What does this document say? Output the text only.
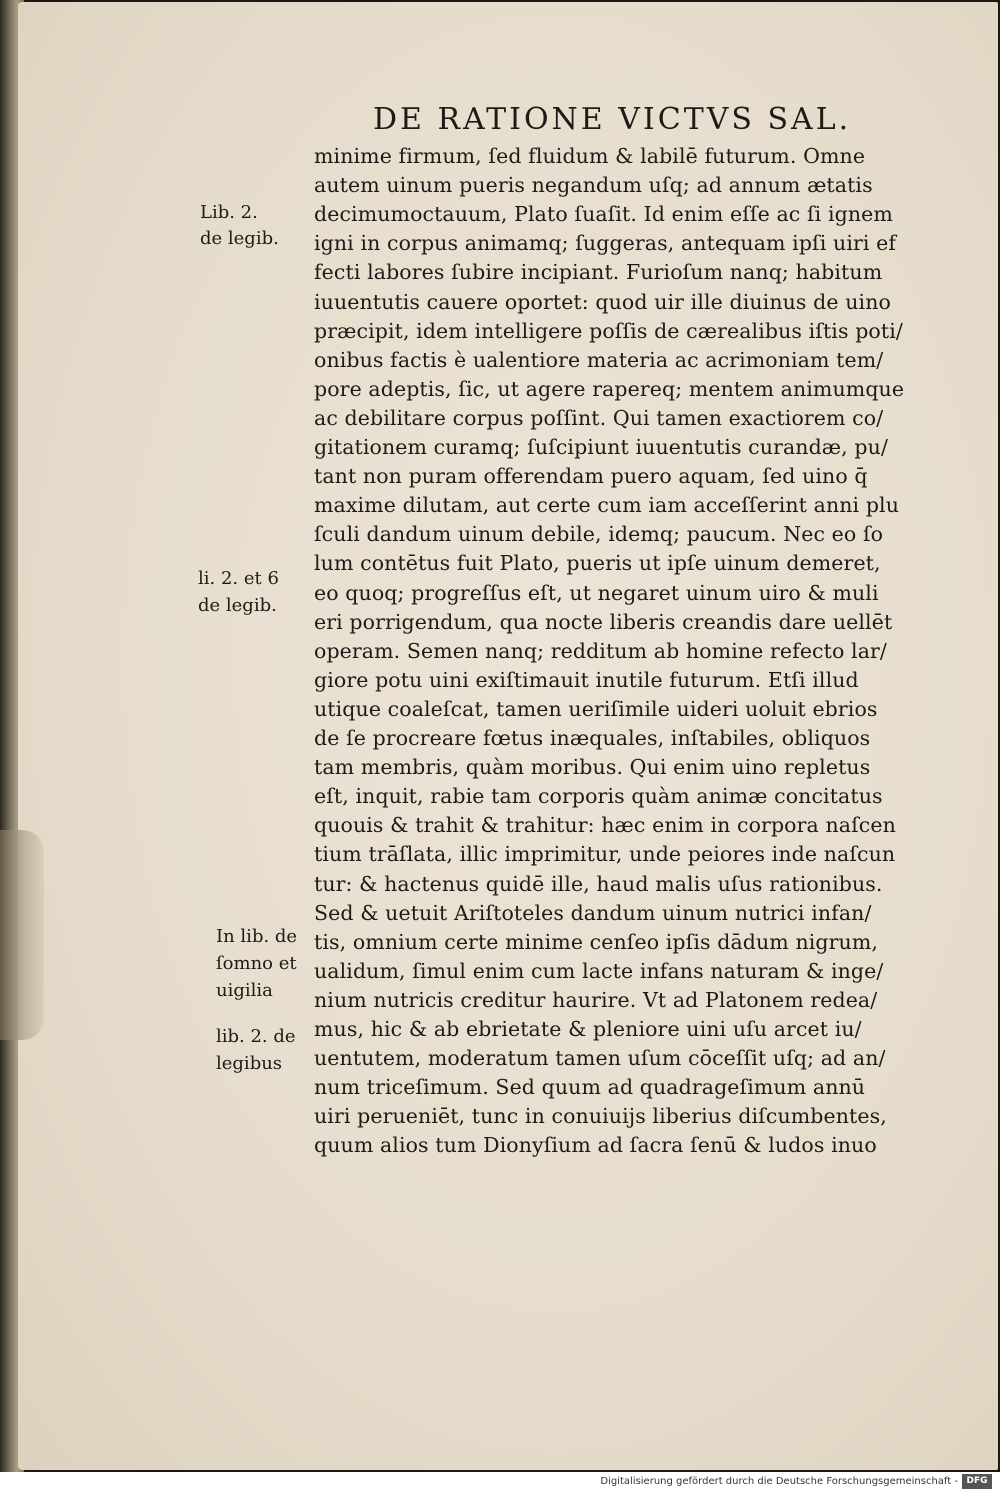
DE RATIONE VICTVS SAL.
minime firmum, ſed fluidum & labilē futurum. Omne
autem uinum pueris negandum uſq; ad annum ætatis
decimumoctauum, Plato ſuaſit. Id enim eſſe ac ſi ignem
igni in corpus animamq; ſuggeras, antequam ipſi uiri ef
fecti labores ſubire incipiant. Furioſum nanq; habitum
iuuentutis cauere oportet: quod uir ille diuinus de uino
præcipit, idem intelligere poſſis de cærealibus iſtis poti/
onibus factis è ualentiore materia ac acrimoniam tem/
pore adeptis, ſic, ut agere rapereq; mentem animumque
ac debilitare corpus poſſint. Qui tamen exactiorem co/
gitationem curamq; ſuſcipiunt iuuentutis curandæ, pu/
tant non puram offerendam puero aquam, ſed uino q̄
maxime dilutam, aut certe cum iam acceſſerint anni plu
ſculi dandum uinum debile, idemq; paucum. Nec eo ſo
lum contētus fuit Plato, pueris ut ipſe uinum demeret,
eo quoq; progreſſus eſt, ut negaret uinum uiro & muli
eri porrigendum, qua nocte liberis creandis dare uellēt
operam. Semen nanq; redditum ab homine refecto lar/
giore potu uini exiſtimauit inutile futurum. Etſi illud
utique coaleſcat, tamen ueriſimile uideri uoluit ebrios
de ſe procreare fœtus inæquales, inſtabiles, obliquos
tam membris, quàm moribus. Qui enim uino repletus
eſt, inquit, rabie tam corporis quàm animæ concitatus
quouis & trahit & trahitur: hæc enim in corpora naſcen
tium trāſlata, illic imprimitur, unde peiores inde naſcun
tur: & hactenus quidē ille, haud malis uſus rationibus.
Sed & uetuit Ariſtoteles dandum uinum nutrici infan/
tis, omnium certe minime cenſeo ipſis dādum nigrum,
ualidum, ſimul enim cum lacte infans naturam & inge/
nium nutricis creditur haurire. Vt ad Platonem redea/
mus, hic & ab ebrietate & pleniore uini uſu arcet iu/
uentutem, moderatum tamen uſum cōceſſit uſq; ad an/
num triceſimum. Sed quum ad quadrageſimum annū
uiri perueniēt, tunc in conuiuijs liberius diſcumbentes,
quum alios tum Dionyſium ad ſacra ſenū & ludos inuo
Lib. 2.
de legib.
li. 2. et 6
de legib.
In lib. de
ſomno et
uigilia
lib. 2. de
legibus
Digitalisierung gefördert durch die Deutsche Forschungsgemeinschaft - DFG
